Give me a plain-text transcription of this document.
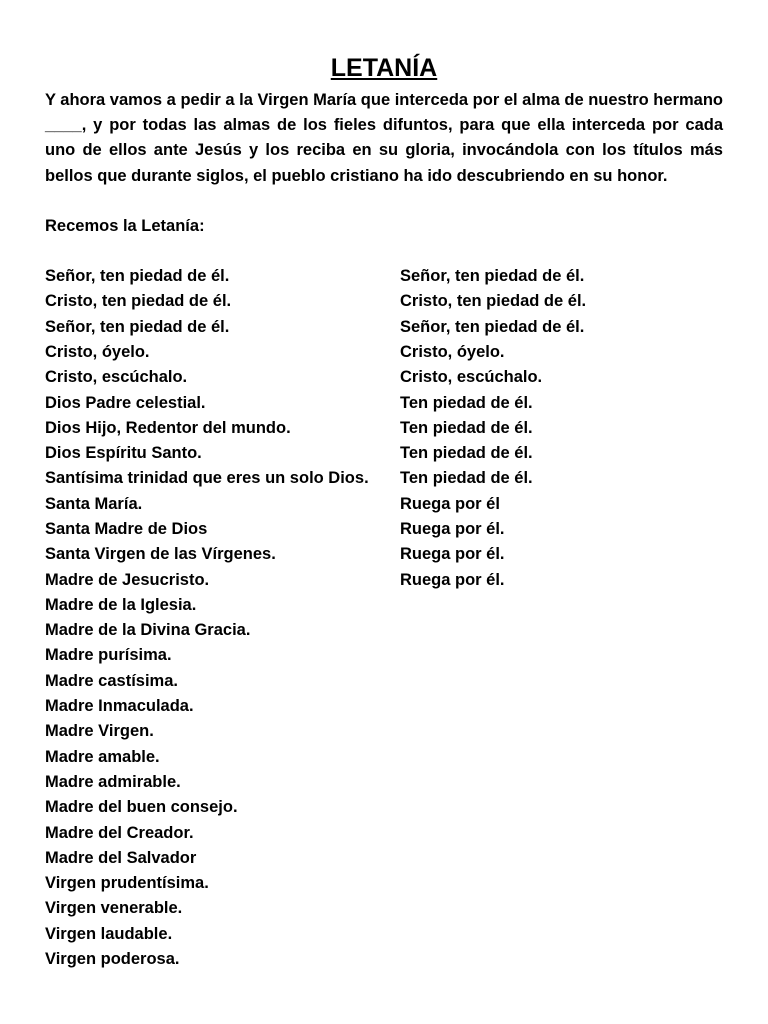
LETANÍA

Y ahora vamos a pedir a la Virgen María que interceda por el alma de nuestro hermano ____, y por todas las almas de los fieles difuntos, para que ella interceda por cada uno de ellos ante Jesús y los reciba en su gloria, invocándola con los títulos más bellos que durante siglos, el pueblo cristiano ha ido descubriendo en su honor.

Recemos la Letanía:

Señor, ten piedad de él.	Señor, ten piedad de él.
Cristo, ten piedad de él.	Cristo, ten piedad de él.
Señor, ten piedad de él.	Señor, ten piedad de él.
Cristo, óyelo.	Cristo, óyelo.
Cristo, escúchalo.	Cristo, escúchalo.
Dios Padre celestial.	Ten piedad de él.
Dios Hijo, Redentor del mundo.	Ten piedad de él.
Dios Espíritu Santo.	Ten piedad de él.
Santísima trinidad que eres un solo Dios.	Ten piedad de él.
Santa María.	Ruega por él
Santa Madre de Dios	Ruega por él.
Santa Virgen de las Vírgenes.	Ruega por él.
Madre de Jesucristo.	Ruega por él.
Madre de la Iglesia.
Madre de la Divina Gracia.
Madre purísima.
Madre castísima.
Madre Inmaculada.
Madre Virgen.
Madre amable.
Madre admirable.
Madre del buen consejo.
Madre del Creador.
Madre del Salvador
Virgen prudentísima.
Virgen venerable.
Virgen laudable.
Virgen poderosa.
